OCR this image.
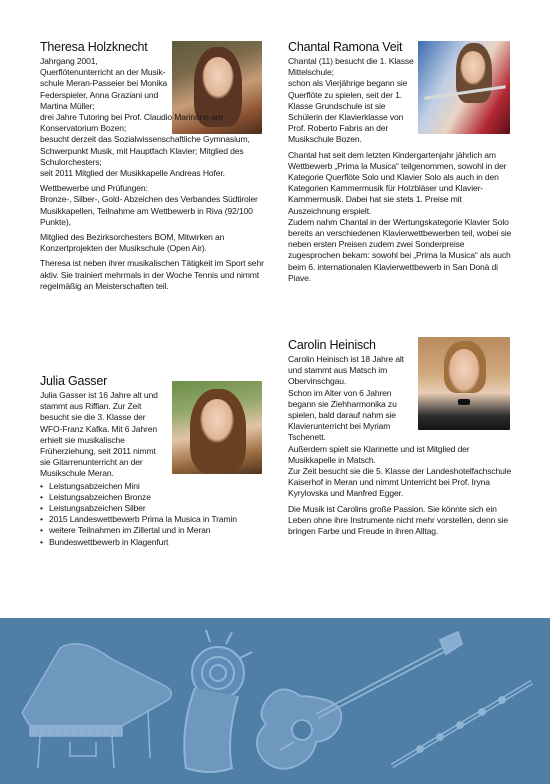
Theresa Holzknecht
Jahrgang 2001,
Querflötenunterricht an der Musik-schule Meran-Passeier bei Monika Federspieler, Anna Graziani und Martina Müller;
drei Jahre Tutoring bei Prof. Claudio Marinone am Konservatorium Bozen;
besucht derzeit das Sozialwissenschaftliche Gymnasium, Schwerpunkt Musik, mit Hauptfach Klavier; Mitglied des Schulorchesters;
seit 2011 Mitglied der Musikkapelle Andreas Hofer.
Wettbewerbe und Prüfungen:
Bronze-, Silber-, Gold- Abzeichen des Verbandes Südtiroler Musikkapellen, Teilnahme am Wettbewerb in Riva (92/100 Punkte),
Mitglied des Bezirksorchesters BOM, Mitwirken an Konzertprojekten der Musikschule (Open Air).
Theresa ist neben ihrer musikalischen Tätigkeit im Sport sehr aktiv. Sie trainiert mehrmals in der Woche Tennis und nimmt regelmäßig an Meisterschaften teil.
Julia Gasser
Julia Gasser ist 16 Jahre alt und stammt aus Riffian. Zur Zeit besucht sie die 3. Klasse der WFO-Franz Kafka. Mit 6 Jahren erhielt sie musikalische Früherziehung, seit 2011 nimmt sie Gitarrenunterricht an der Musikschule Meran.
• Leistungsabzeichen Mini
• Leistungsabzeichen Bronze
• Leistungsabzeichen Silber
• 2015 Landeswettbewerb Prima la Musica in Tramin
• weitere Teilnahmen im Zillertal und in Meran
• Bundeswettbewerb in Klagenfurt
Chantal Ramona Veit
Chantal (11) besucht die 1. Klasse Mittelschule;
schon als Vierjährige begann sie Querflöte zu spielen, seit der 1. Klasse Grundschule ist sie Schülerin der Klavierklasse von Prof. Roberto Fabris an der Musikschule Bozen.
Chantal hat seit dem letzten Kindergartenjahr jährlich am Wettbewerb „Prima la Musica“ teilgenommen, sowohl in der Kategorie Querflöte Solo und Klavier Solo als auch in den Kategorien Kammermusik für Holzbläser und Klavier-Kammermusik. Dabei hat sie stets 1. Preise mit Auszeichnung erspielt.
Zudem nahm Chantal in der Wertungskategorie Klavier Solo bereits an verschiedenen Klavierwettbewerben teil, wobei sie neben ersten Preisen zudem zwei Sonderpreise zugesprochen bekam: sowohl bei „Prima la Musica“ als auch beim 6. internationalen Klavierwettbewerb in San Donà di Piave.
Carolin Heinisch
Carolin Heinisch ist 18 Jahre alt und stammt aus Matsch im Obervinschgau.
Schon im Alter von 6 Jahren begann sie Ziehharmonika zu spielen, bald darauf nahm sie Klavierunterricht bei Myriam Tschenett.
Außerdem spielt sie Klarinette und ist Mitglied der Musikkapelle in Matsch.
Zur Zeit besucht sie die 5. Klasse der Landeshotelfachschule Kaiserhof in Meran und nimmt Unterricht bei Prof. Iryna Kyrylovska und Manfred Egger.
Die Musik ist Carolins große Passion. Sie könnte sich ein Leben ohne ihre Instrumente nicht mehr vorstellen, denn sie bringen Farbe und Freude in ihren Alltag.
